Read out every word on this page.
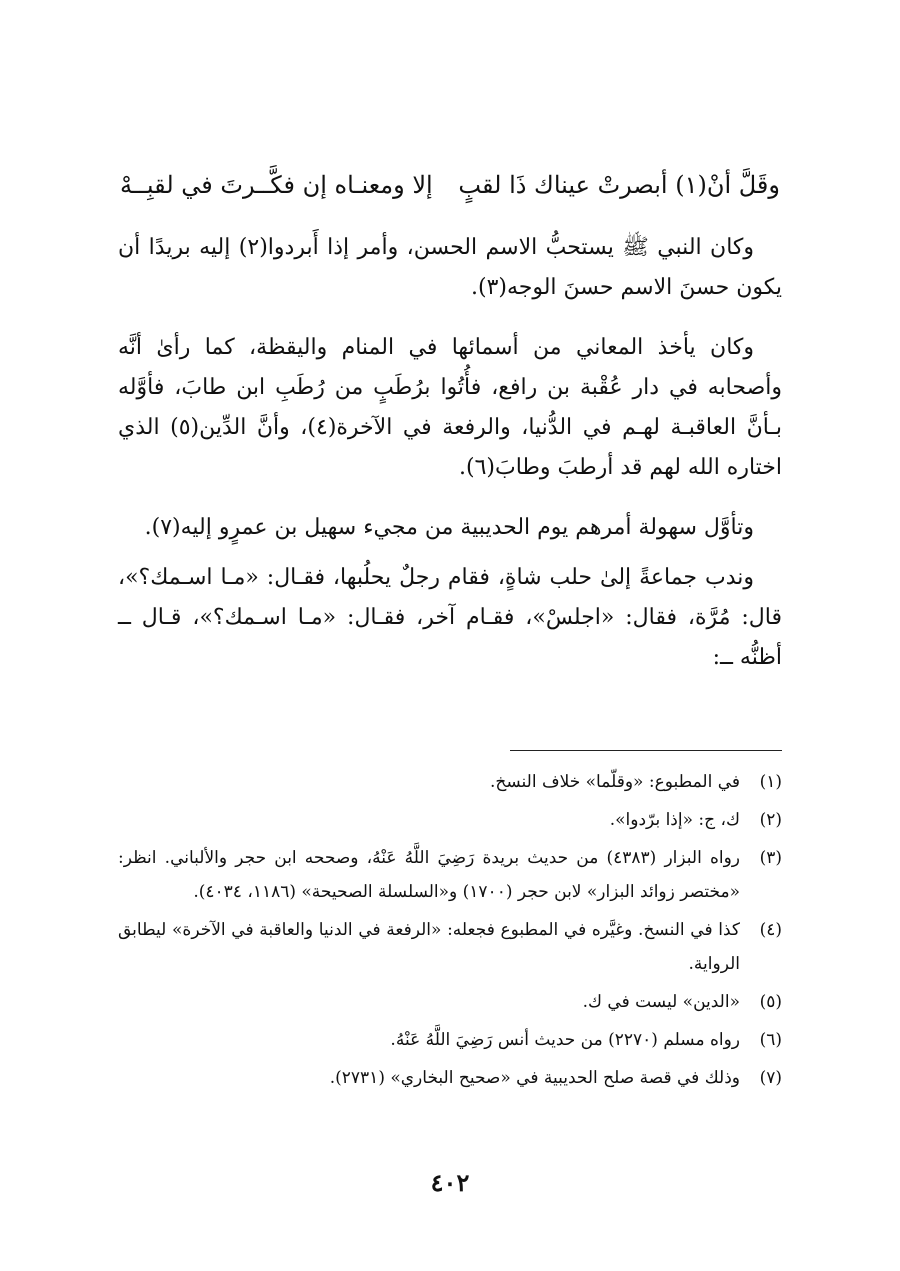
وقَلَّ أنْ(١) أبصرتْ عيناك ذَا لقبٍ
إلا ومعنـاه إن فكَّــرتَ في لقبِــهْ

وكان النبي ﷺ يستحبُّ الاسم الحسن، وأمر إذا أَبردوا(٢) إليه بريدًا أن يكون حسنَ الاسم حسنَ الوجه(٣).

وكان يأخذ المعاني من أسمائها في المنام واليقظة، كما رأىٰ أنَّه وأصحابه في دار عُقْبة بن رافع، فأُتُوا برُطَبٍ من رُطَبِ ابن طابَ، فأوَّله بـأنَّ العاقبـة لهـم في الدُّنيا، والرفعة في الآخرة(٤)، وأنَّ الدِّين(٥) الذي اختاره الله لهم قد أرطبَ وطابَ(٦).

وتأوَّل سهولة أمرهم يوم الحديبية من مجيء سهيل بن عمرٍو إليه(٧).

وندب جماعةً إلىٰ حلب شاةٍ، فقام رجلٌ يحلُبها، فقـال: «مـا اسـمك؟»، قال: مُرَّة، فقال: «اجلسْ»، فقـام آخر، فقـال: «مـا اسـمك؟»، قـال ــ أظنُّه ــ:

(١)
في المطبوع: «وقلّما» خلاف النسخ.
(٢)
ك، ج: «إذا برّدوا».
(٣)
رواه البزار (٤٣٨٣) من حديث بريدة رَضِيَ اللَّهُ عَنْهُ، وصححه ابن حجر والألباني. انظر: «مختصر زوائد البزار» لابن حجر (١٧٠٠) و«السلسلة الصحيحة» (١١٨٦، ٤٠٣٤).
(٤)
كذا في النسخ. وغيَّره في المطبوع فجعله: «الرفعة في الدنيا والعاقبة في الآخرة» ليطابق الرواية.
(٥)
«الدين» ليست في ك.
(٦)
رواه مسلم (٢٢٧٠) من حديث أنس رَضِيَ اللَّهُ عَنْهُ.
(٧)
وذلك في قصة صلح الحديبية في «صحيح البخاري» (٢٧٣١).
٤٠٢
